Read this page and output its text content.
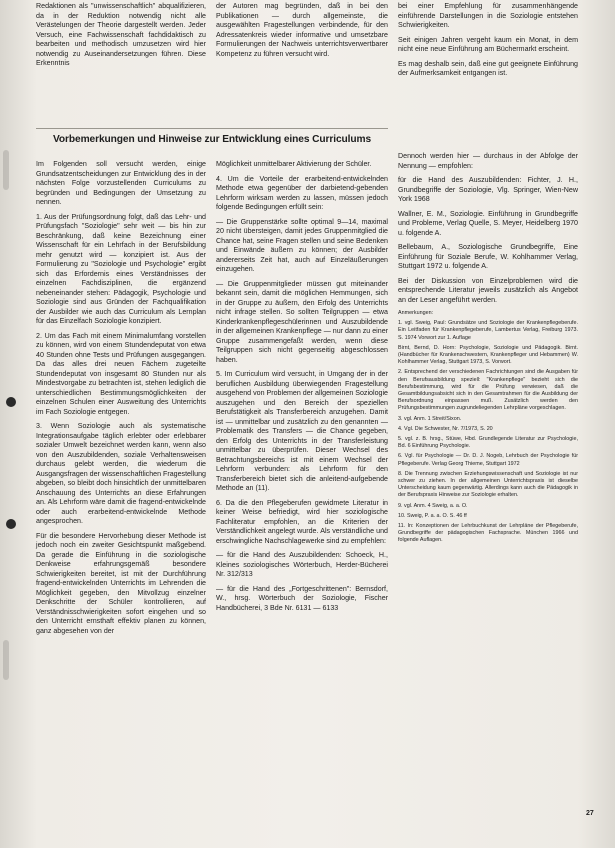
Redaktionen als "unwissenschaftlich" abqualifizieren, da in der Reduktion notwendig nicht alle Verästelungen der Theorie dargestellt werden. Jeder Versuch, eine Fachwissenschaft fachdidaktisch zu bearbeiten und methodisch umzusetzen wird hier notwendig zu Auseinandersetzungen führen. Diese Erkenntnis

der Autoren mag begründen, daß in bei den Publikationen — durch allgemeinste, die ausgewählten Fragestellungen verbindende, für den Adressatenkreis wieder informative und umsetzbare Formulierungen der Nachweis unterrichtsverwertbarer Kompetenz zu führen versucht wird.

bei einer Empfehlung für zusammenhängende einführende Darstellungen in die Soziologie entstehen Schwierigkeiten.

Seit einigen Jahren vergeht kaum ein Monat, in dem nicht eine neue Einführung am Büchermarkt erscheint.

Es mag deshalb sein, daß eine gut geeignete Einführung der Aufmerksamkeit entgangen ist.

Vorbemerkungen und Hinweise zur Entwicklung eines Curriculums

Im Folgenden soll versucht werden, einige Grundsatzentscheidungen zur Entwicklung des in der nächsten Folge vorzustellenden Curriculums zu begründen und Bedingungen der Umsetzung zu nennen.

1. Aus der Prüfungsordnung folgt, daß das Lehr- und Prüfungsfach "Soziologie" sehr weit — bis hin zur Beschränkung, daß keine Bezeichnung einer Wissenschaft für ein Lehrfach in der Berufsbildung mehr genutzt wird — konzipiert ist. Aus der Formulierung zu "Soziologie und Psychologie" ergibt sich das Erfordernis eines Verständnisses der einzelnen Fachdisziplinen, die ergänzend nebeneinander stehen: Pädagogik, Psychologie und Soziologie sind aus Gründen der Fachqualifikation der Ausbilder wie auch das Curriculum als Lernplan für das Einzelfach Soziologie konzipiert.

2. Um das Fach mit einem Minimalumfang vorstellen zu können, wird von einem Stundendeputat von etwa 40 Stunden ohne Tests und Prüfungen ausgegangen. Da das alles drei neuen Fächern zugeteilte Stundendeputat von insgesamt 80 Stunden nur als Mindestvorgabe zu betrachten ist, stehen lediglich die unterschiedlichen Bestimmungsmöglichkeiten der einzelnen Schulen einer Ausweitung des Unterrichts im Fach Soziologie entgegen.

3. Wenn Soziologie auch als systematische Integrationsaufgabe täglich erlebter oder erlebbarer sozialer Umwelt bezeichnet werden kann, wenn also von den Auszubildenden, soziale Verhaltensweisen durchaus gelebt werden, die wiederum die Ausgangsfragen der wissenschaftlichen Fragestellung abgeben, so bleibt doch hinsichtlich der unmittelbaren Anschauung des Unterrichts an diese Erfahrungen an. Als Lehrform wäre damit die fragend-entwickelnde oder auch erarbeitend-entwickelnde Methode angesprochen.

Für die besondere Hervorhebung dieser Methode ist jedoch noch ein zweiter Gesichtspunkt maßgebend. Da gerade die Einführung in die soziologische Denkweise erfahrungsgemäß besondere Schwierigkeiten bereitet, ist mit der Durchführung fragend-entwickelnden Unterrichts im Lehrenden die Möglichkeit gegeben, den Mitvollzug einzelner Denkschritte der Schüler kontrollieren, auf Verständnisschwierigkeiten sofort eingehen und so den Unterricht ernsthaft effektiv planen zu können, ganz abgesehen von der

Möglichkeit unmittelbarer Aktivierung der Schüler.

4. Um die Vorteile der erarbeitend-entwickelnden Methode etwa gegenüber der darbietend-gebenden Lehrform wirksam werden zu lassen, müssen jedoch folgende Bedingungen erfüllt sein:

— Die Gruppenstärke sollte optimal 9—14, maximal 20 nicht übersteigen, damit jedes Gruppenmitglied die Chance hat, seine Fragen stellen und seine Bedenken und Einwände äußern zu können; der Ausbilder andererseits Zeit hat, auch auf Einzeläußerungen einzugehen.

— Die Gruppenmitglieder müssen gut miteinander bekannt sein, damit die möglichen Hemmungen, sich in der Gruppe zu äußern, den Erfolg des Unterrichts nicht infrage stellen. So sollten Teilgruppen — etwa Kinderkrankenpflegeschülerinnen und Auszubildende in der allgemeinen Krankenpflege — nur dann zu einer Gruppe zusammengefaßt werden, wenn diese Teilgruppen sich nicht gegenseitig abgeschlossen haben.

5. Im Curriculum wird versucht, in Umgang der in der beruflichen Ausbildung überwiegenden Fragestellung ausgehend von Problemen der allgemeinen Soziologie auszugehen und den Bereich der speziellen Berufstätigkeit als Transferbereich anzugehen. Damit ist — unmittelbar und zusätzlich zu den genannten — Problematik des Transfers — die Chance gegeben, den Erfolg des Unterrichts in der Transferleistung unmittelbar zu überprüfen. Dieser Wechsel des Betrachtungsbereichs ist mit einem Wechsel der Lehrform verbunden: als Lehrform für den Transferbereich bietet sich die anleitend-aufgebende Methode an (11).

6. Da die den Pflegeberufen gewidmete Literatur in keiner Weise befriedigt, wird hier soziologische Fachliteratur empfohlen, an die Kriterien der Verständlichkeit angelegt wurde. Als verständliche und erschwingliche Nachschlagewerke sind zu empfehlen:

— für die Hand des Auszubildenden: Schoeck, H., Kleines soziologisches Wörterbuch, Herder-Bücherei Nr. 312/313

— für die Hand des „Fortgeschrittenen": Bernsdorf, W., hrsg. Wörterbuch der Soziologie, Fischer Handbücherei, 3 Bde Nr. 6131 — 6133

Dennoch werden hier — durchaus in der Abfolge der Nennung — empfohlen:

für die Hand des Auszubildenden: Fichter, J. H., Grundbegriffe der Soziologie, Vlg. Springer, Wien-New York 1968

Wallner, E. M., Soziologie. Einführung in Grundbegriffe und Probleme, Verlag Quelle, S. Meyer, Heidelberg 1970 u. folgende A.

Bellebaum, A., Soziologische Grundbegriffe, Eine Einführung für Soziale Berufe, W. Kohlhammer Verlag, Stuttgart 1972 u. folgende A.

Bei der Diskussion von Einzelproblemen wird die entsprechende Literatur jeweils zusätzlich als Angebot an der Leser angeführt werden.

Anmerkungen:

1. vgl. Sweig, Paul: Grundsätze und Soziologie der Krankenpflegeberufe. Ein Leitfaden für Krankenpflegeberufe, Lambertus Verlag, Freiburg 1973. S. 1974 Vorwort zur 1. Auflage

Birnt, Bernd, D. Horn: Psychologie, Soziologie und Pädagogik. Birnt. (Handbücher für Krankenschwestern, Krankenpfleger und Hebammen) W. Kohlhammer Verlag, Stuttgart 1973, S. Vorwort.

2. Entsprechend der verschiedenen Fachrichtungen sind die Ausgaben für den Berufsausbildung speziell: "Krankenpflege" bezieht sich die Berufsbestimmung, wird für die Prüfung verwiesen, daß die Gesamtbildungsabsicht sich in den Gesamtrahmen für die Ausbildung der Berufsordnung einpassen muß. Zusätzlich werden den Prüfungsbestimmungen zugrundeliegenden Lehrpläne vorgeschlagen.

3. vgl. Anm. 1 Streit/Sixon.

4. Vgl. Die Schwester, Nr. 7/1973, S. 20

5. vgl. z. B. hrsg., Stüwe, Hbd. Grundlegende Literatur zur Psychologie, Bd. 6 Einführung Psychologie.

6. Vgl. für Psychologie — Dr. D. J. Nogeb, Lehrbuch der Psychologie für Pflegeberufe. Verlag Georg Thieme, Stuttgart 1972

8. Die Trennung zwischen Erziehungswissenschaft und Soziologie ist nur schwer zu ziehen. In der allgemeinen Unterrichtspraxis ist dieselbe Unterscheidung kaum gegenwärtig. Allerdings kann auch die Pädagogik in der Berufspraxis Hinweise zur Soziologie erhalten.

9. vgl. Anm. 4 Sweig, a. a. O.

10. Sweig, P. a. a. O. S. 46 ff

11. In: Konzeptionen der Lehrbuchkunst der Lehrpläne der Pflegeberufe, Grundbegriffe der pädagogischen Fachsprache. München 1966 und folgende Auflagen.

27
